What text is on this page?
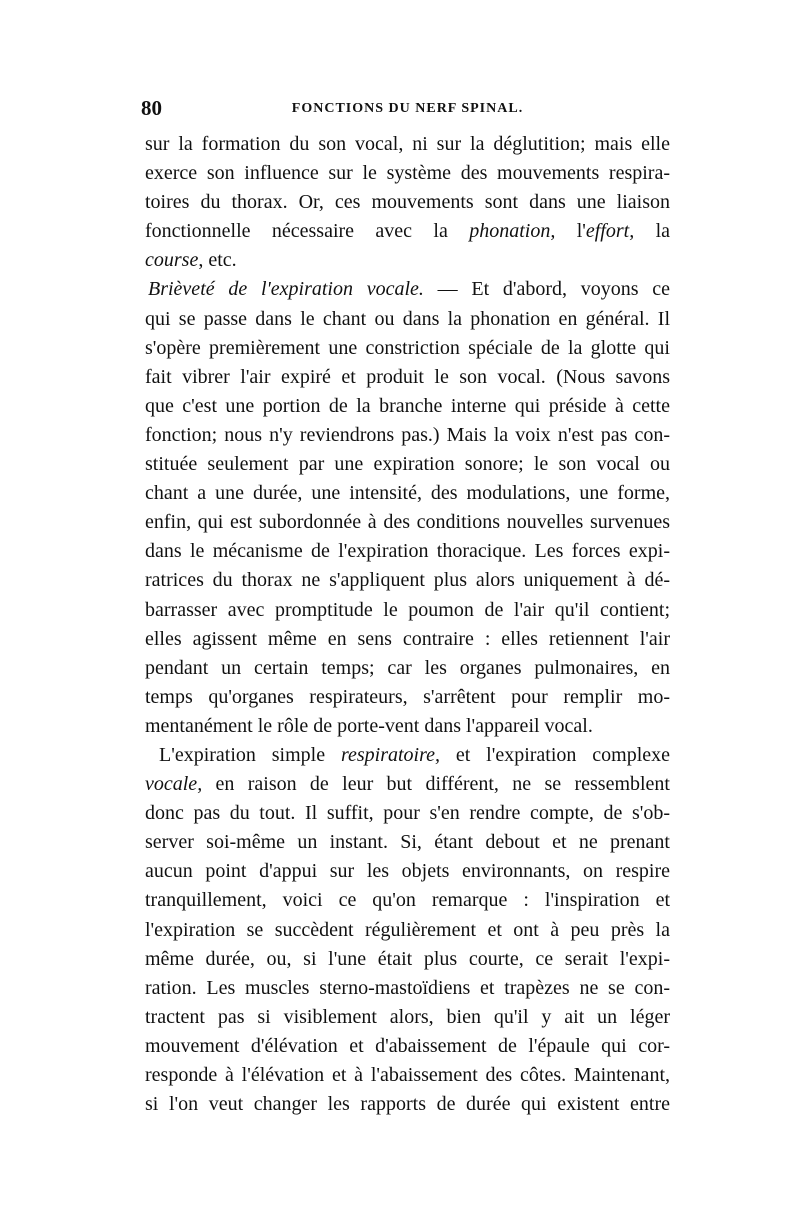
80	FONCTIONS DU NERF SPINAL.
sur la formation du son vocal, ni sur la déglutition; mais elle
exerce son influence sur le système des mouvements respira-
toires du thorax. Or, ces mouvements sont dans une liaison
fonctionnelle nécessaire avec la phonation, l'effort, la
course, etc.
Brièveté de l'expiration vocale. — Et d'abord, voyons ce
qui se passe dans le chant ou dans la phonation en général. Il
s'opère premièrement une constriction spéciale de la glotte qui
fait vibrer l'air expiré et produit le son vocal. (Nous savons
que c'est une portion de la branche interne qui préside à cette
fonction; nous n'y reviendrons pas.) Mais la voix n'est pas con-
stituée seulement par une expiration sonore; le son vocal ou
chant a une durée, une intensité, des modulations, une forme,
enfin, qui est subordonnée à des conditions nouvelles survenues
dans le mécanisme de l'expiration thoracique. Les forces expi-
ratrices du thorax ne s'appliquent plus alors uniquement à dé-
barrasser avec promptitude le poumon de l'air qu'il contient;
elles agissent même en sens contraire : elles retiennent l'air
pendant un certain temps; car les organes pulmonaires, en
temps qu'organes respirateurs, s'arrêtent pour remplir mo-
mentanément le rôle de porte-vent dans l'appareil vocal.
L'expiration simple respiratoire, et l'expiration complexe
vocale, en raison de leur but différent, ne se ressemblent
donc pas du tout. Il suffit, pour s'en rendre compte, de s'ob-
server soi-même un instant. Si, étant debout et ne prenant
aucun point d'appui sur les objets environnants, on respire
tranquillement, voici ce qu'on remarque : l'inspiration et
l'expiration se succèdent régulièrement et ont à peu près la
même durée, ou, si l'une était plus courte, ce serait l'expi-
ration. Les muscles sterno-mastoïdiens et trapèzes ne se con-
tractent pas si visiblement alors, bien qu'il y ait un léger
mouvement d'élévation et d'abaissement de l'épaule qui cor-
responde à l'élévation et à l'abaissement des côtes. Maintenant,
si l'on veut changer les rapports de durée qui existent entre
